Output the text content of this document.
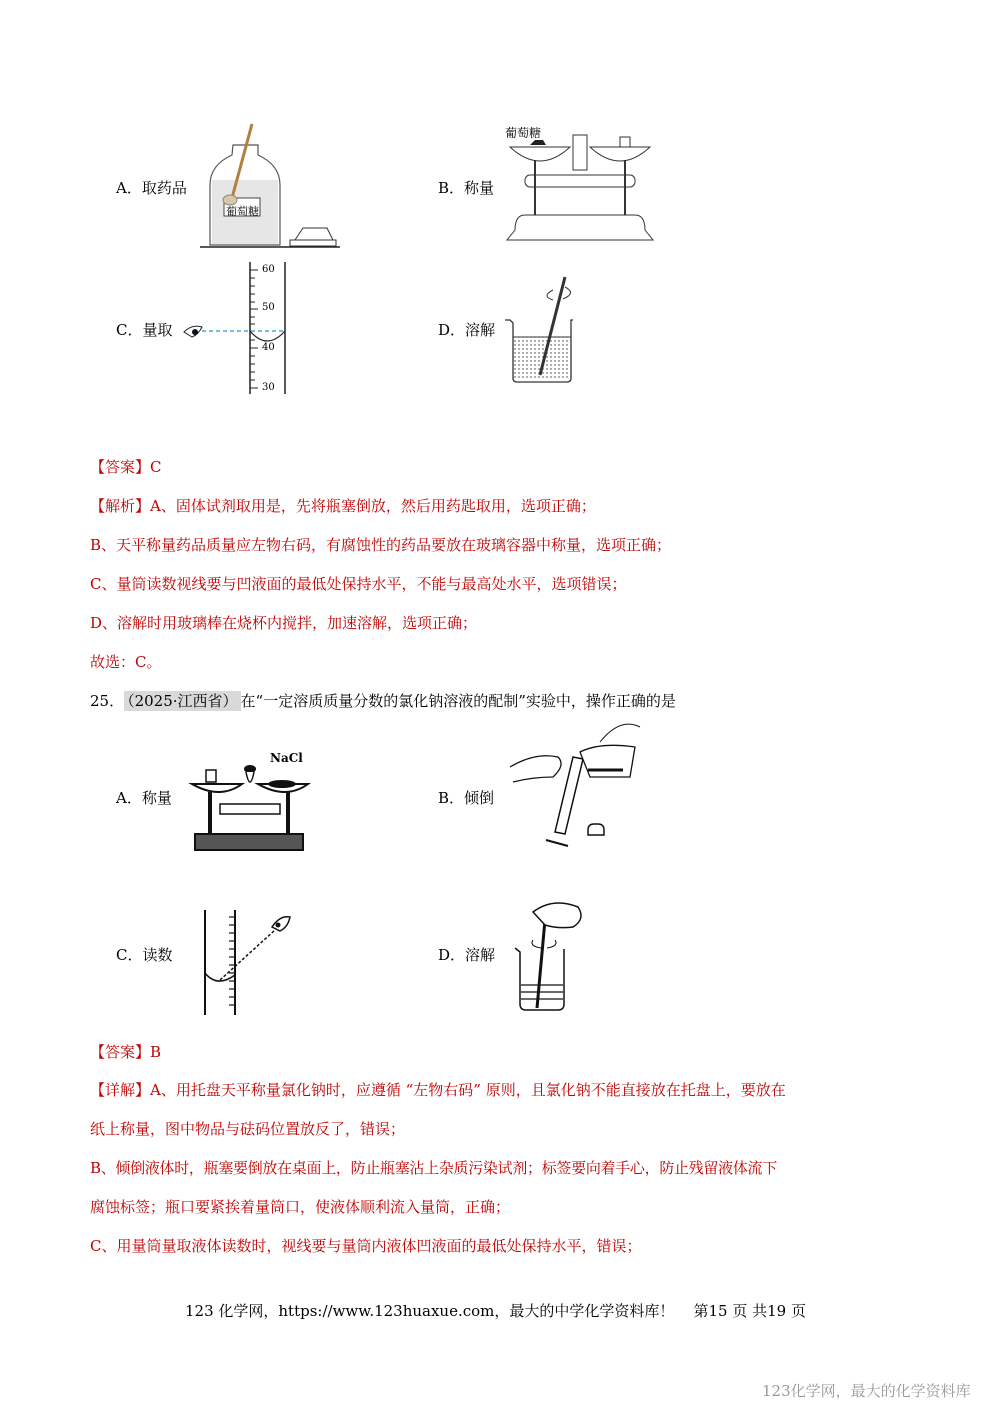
A．取药品
葡萄糖
B．称量
葡萄糖
C．量取
60
50
40
30
D．溶解
【答案】C
【解析】A、固体试剂取用是，先将瓶塞倒放，然后用药匙取用，选项正确；
B、天平称量药品质量应左物右码，有腐蚀性的药品要放在玻璃容器中称量，选项正确；
C、量筒读数视线要与凹液面的最低处保持水平，不能与最高处水平，选项错误；
D、溶解时用玻璃棒在烧杯内搅拌，加速溶解，选项正确；
故选：C。
25． （2025·江西省） 在“一定溶质质量分数的氯化钠溶液的配制”实验中，操作正确的是
A．称量
NaCl
B．倾倒
C．读数	D．溶解
【答案】B
【详解】A、用托盘天平称量氯化钠时，应遵循 “左物右码” 原则，且氯化钠不能直接放在托盘上，要放在
纸上称量，图中物品与砝码位置放反了，错误；
B、倾倒液体时，瓶塞要倒放在桌面上，防止瓶塞沾上杂质污染试剂；标签要向着手心，防止残留液体流下
腐蚀标签；瓶口要紧挨着量筒口，使液体顺利流入量筒，正确；
C、用量筒量取液体读数时，视线要与量筒内液体凹液面的最低处保持水平，错误；
123 化学网，https://www.123huaxue.com，最大的中学化学资料库！ 第15 页 共19 页
123化学网，最大的化学资料库
